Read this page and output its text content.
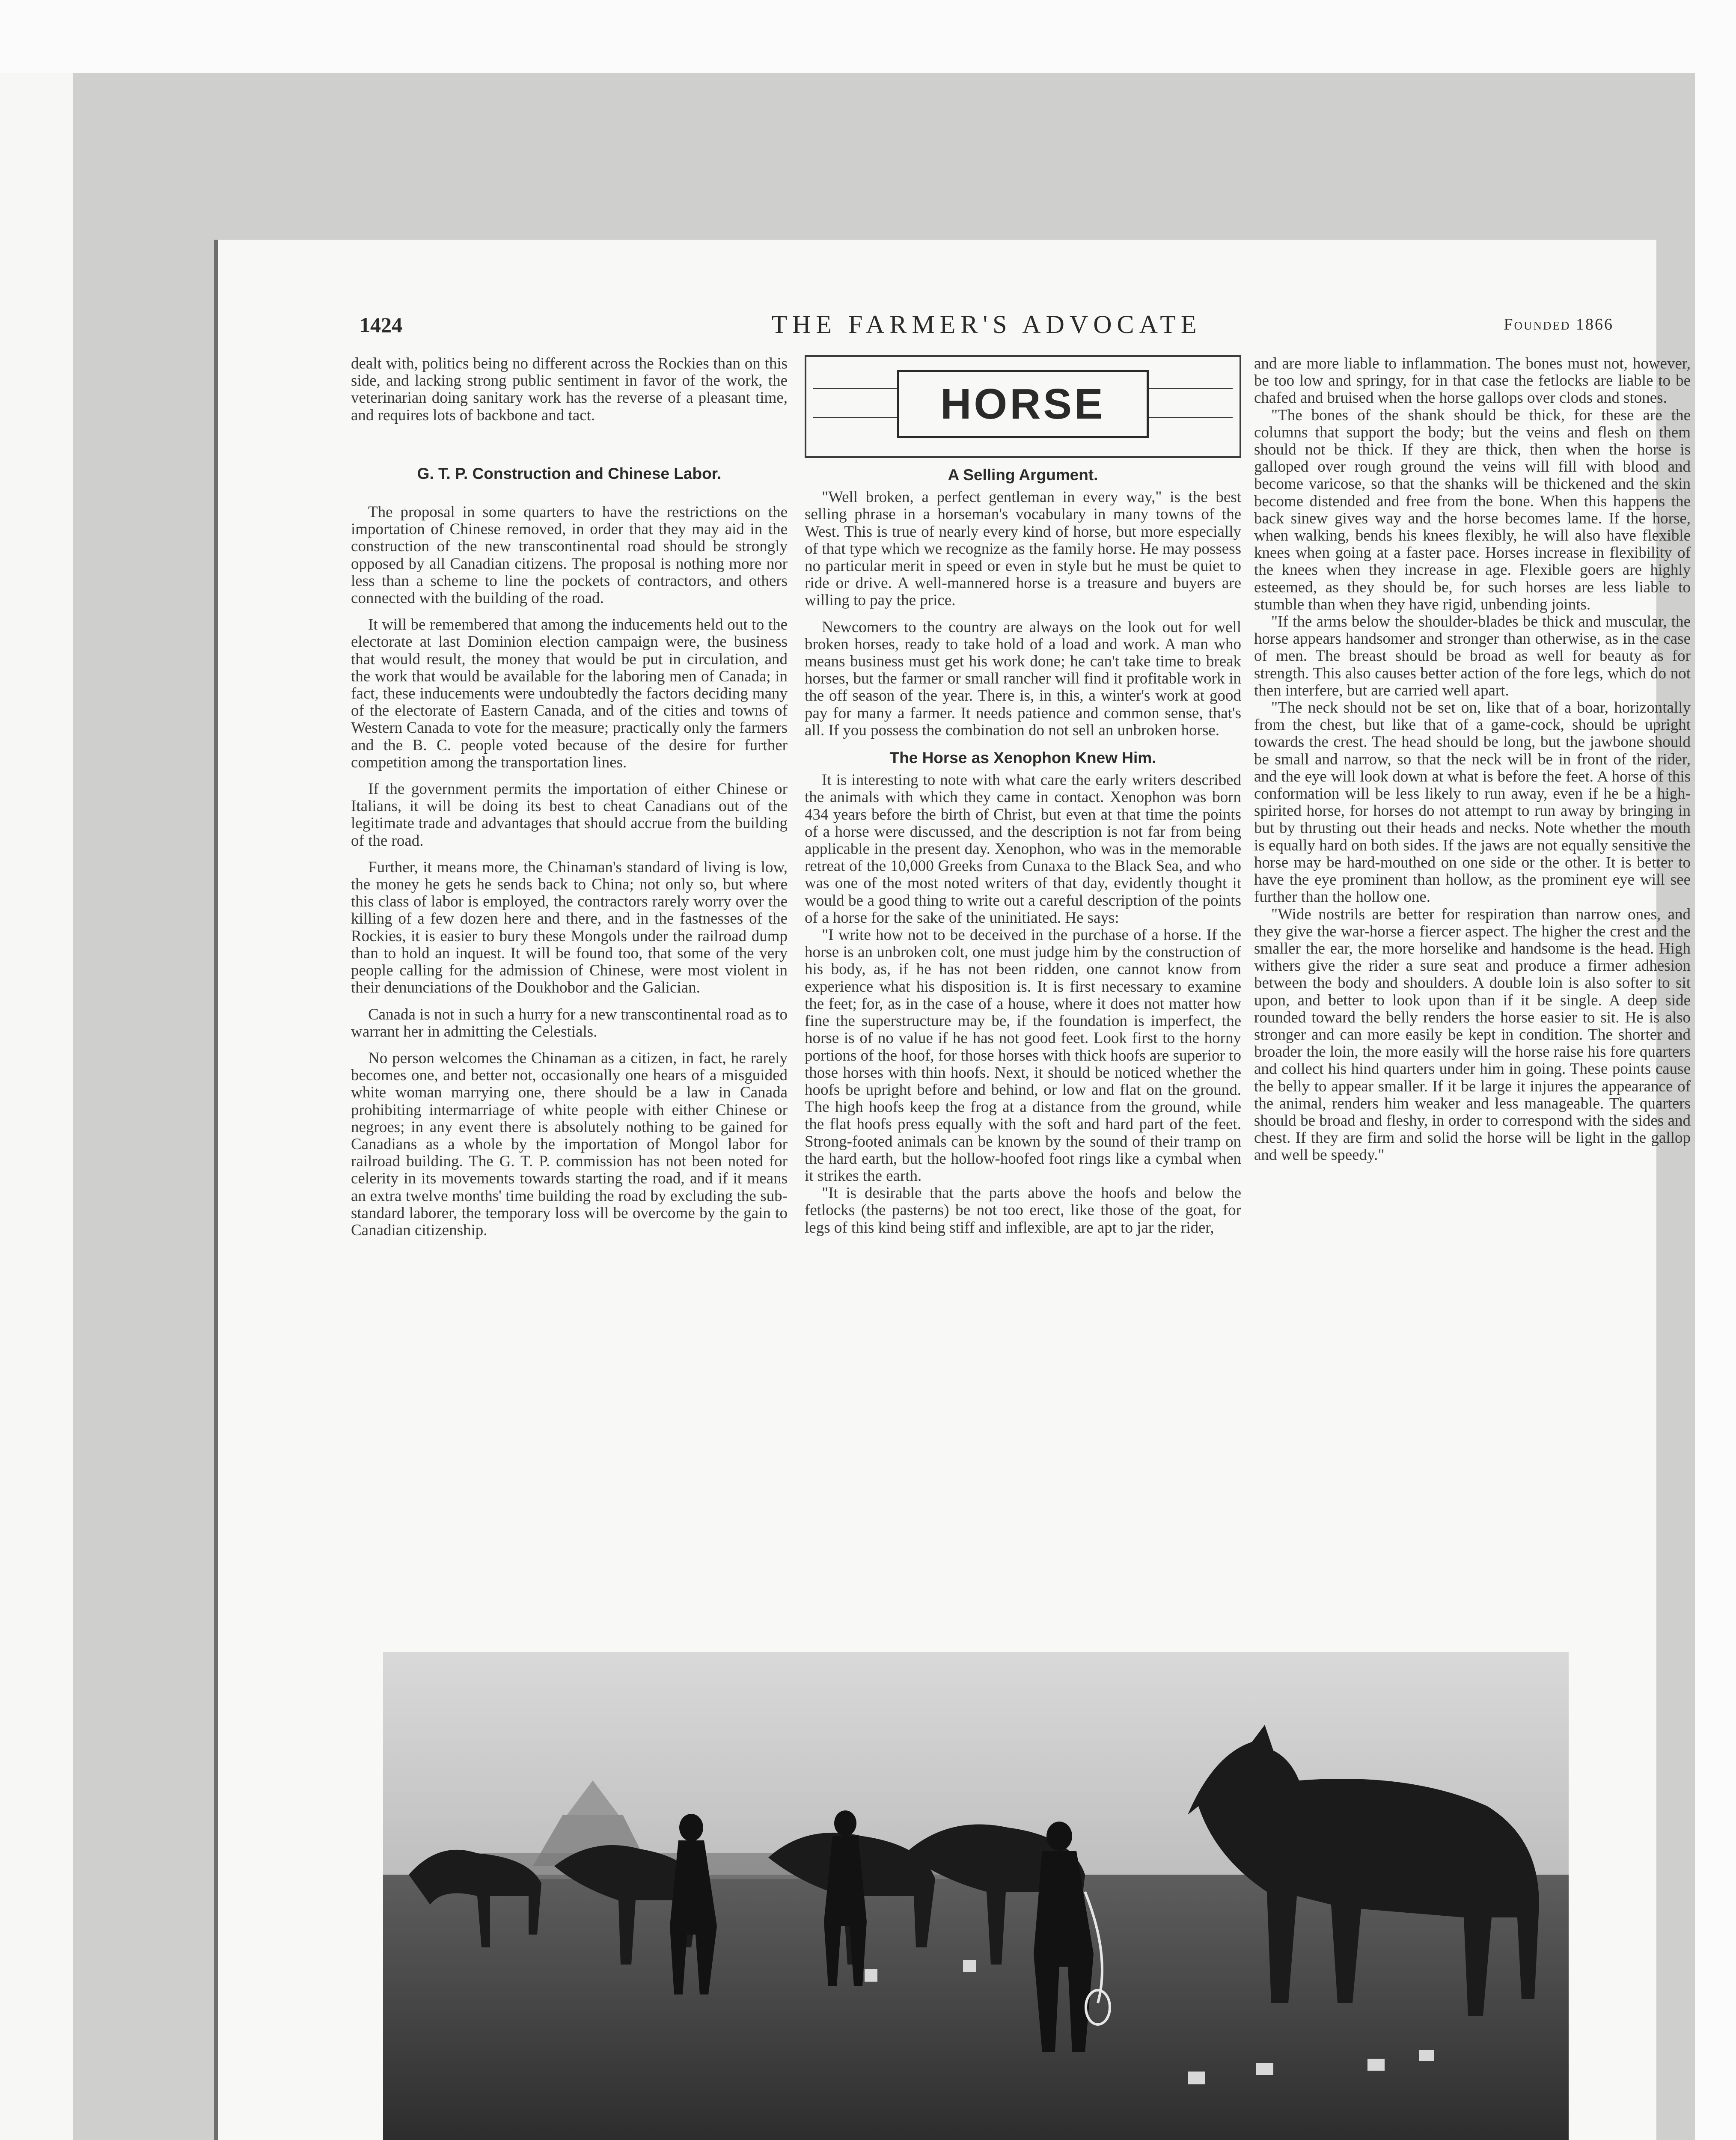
1424	THE FARMER'S ADVOCATE	Founded 1866

dealt with, politics being no different across the Rockies than on this side, and lacking strong public sentiment in favor of the work, the veterinarian doing sanitary work has the reverse of a pleasant time, and requires lots of backbone and tact.

G. T. P. Construction and Chinese Labor.

The proposal in some quarters to have the restrictions on the importation of Chinese removed, in order that they may aid in the construction of the new transcontinental road should be strongly opposed by all Canadian citizens. The proposal is nothing more nor less than a scheme to line the pockets of contractors, and others connected with the building of the road.

It will be remembered that among the inducements held out to the electorate at last Dominion election campaign were, the business that would result, the money that would be put in circulation, and the work that would be available for the laboring men of Canada; in fact, these inducements were undoubtedly the factors deciding many of the electorate of Eastern Canada, and of the cities and towns of Western Canada to vote for the measure; practically only the farmers and the B. C. people voted because of the desire for further competition among the transportation lines.

If the government permits the importation of either Chinese or Italians, it will be doing its best to cheat Canadians out of the legitimate trade and advantages that should accrue from the building of the road.

Further, it means more, the Chinaman's standard of living is low, the money he gets he sends back to China; not only so, but where this class of labor is employed, the contractors rarely worry over the killing of a few dozen here and there, and in the fastnesses of the Rockies, it is easier to bury these Mongols under the railroad dump than to hold an inquest. It will be found too, that some of the very people calling for the admission of Chinese, were most violent in their denunciations of the Doukhobor and the Galician.

Canada is not in such a hurry for a new transcontinental road as to warrant her in admitting the Celestials.

No person welcomes the Chinaman as a citizen, in fact, he rarely becomes one, and better not, occasionally one hears of a misguided white woman marrying one, there should be a law in Canada prohibiting intermarriage of white people with either Chinese or negroes; in any event there is absolutely nothing to be gained for Canadians as a whole by the importation of Mongol labor for railroad building. The G. T. P. commission has not been noted for celerity in its movements towards starting the road, and if it means an extra twelve months' time building the road by excluding the sub-standard laborer, the temporary loss will be overcome by the gain to Canadian citizenship.

HORSE
A Selling Argument.

"Well broken, a perfect gentleman in every way," is the best selling phrase in a horseman's vocabulary in many towns of the West. This is true of nearly every kind of horse, but more especially of that type which we recognize as the family horse. He may possess no particular merit in speed or even in style but he must be quiet to ride or drive. A well-mannered horse is a treasure and buyers are willing to pay the price.

Newcomers to the country are always on the look out for well broken horses, ready to take hold of a load and work. A man who means business must get his work done; he can't take time to break horses, but the farmer or small rancher will find it profitable work in the off season of the year. There is, in this, a winter's work at good pay for many a farmer. It needs patience and common sense, that's all. If you possess the combination do not sell an unbroken horse.

The Horse as Xenophon Knew Him.

It is interesting to note with what care the early writers described the animals with which they came in contact. Xenophon was born 434 years before the birth of Christ, but even at that time the points of a horse were discussed, and the description is not far from being applicable in the present day. Xenophon, who was in the memorable retreat of the 10,000 Greeks from Cunaxa to the Black Sea, and who was one of the most noted writers of that day, evidently thought it would be a good thing to write out a careful description of the points of a horse for the sake of the uninitiated. He says:

"I write how not to be deceived in the purchase of a horse. If the horse is an unbroken colt, one must judge him by the construction of his body, as, if he has not been ridden, one cannot know from experience what his disposition is. It is first necessary to examine the feet; for, as in the case of a house, where it does not matter how fine the superstructure may be, if the foundation is imperfect, the horse is of no value if he has not good feet. Look first to the horny portions of the hoof, for those horses with thick hoofs are superior to those horses with thin hoofs. Next, it should be noticed whether the hoofs be upright before and behind, or low and flat on the ground. The high hoofs keep the frog at a distance from the ground, while the flat hoofs press equally with the soft and hard part of the feet. Strong-footed animals can be known by the sound of their tramp on the hard earth, but the hollow-hoofed foot rings like a cymbal when it strikes the earth.

"It is desirable that the parts above the hoofs and below the fetlocks (the pasterns) be not too erect, like those of the goat, for legs of this kind being stiff and inflexible, are apt to jar the rider,

and are more liable to inflammation. The bones must not, however, be too low and springy, for in that case the fetlocks are liable to be chafed and bruised when the horse gallops over clods and stones.

"The bones of the shank should be thick, for these are the columns that support the body; but the veins and flesh on them should not be thick. If they are thick, then when the horse is galloped over rough ground the veins will fill with blood and become varicose, so that the shanks will be thickened and the skin become distended and free from the bone. When this happens the back sinew gives way and the horse becomes lame. If the horse, when walking, bends his knees flexibly, he will also have flexible knees when going at a faster pace. Horses increase in flexibility of the knees when they increase in age. Flexible goers are highly esteemed, as they should be, for such horses are less liable to stumble than when they have rigid, unbending joints.

"If the arms below the shoulder-blades be thick and muscular, the horse appears handsomer and stronger than otherwise, as in the case of men. The breast should be broad as well for beauty as for strength. This also causes better action of the fore legs, which do not then interfere, but are carried well apart.

"The neck should not be set on, like that of a boar, horizontally from the chest, but like that of a game-cock, should be upright towards the crest. The head should be long, but the jawbone should be small and narrow, so that the neck will be in front of the rider, and the eye will look down at what is before the feet. A horse of this conformation will be less likely to run away, even if he be a high-spirited horse, for horses do not attempt to run away by bringing in but by thrusting out their heads and necks. Note whether the mouth is equally hard on both sides. If the jaws are not equally sensitive the horse may be hard-mouthed on one side or the other. It is better to have the eye prominent than hollow, as the prominent eye will see further than the hollow one.

"Wide nostrils are better for respiration than narrow ones, and they give the war-horse a fiercer aspect. The higher the crest and the smaller the ear, the more horselike and handsome is the head. High withers give the rider a sure seat and produce a firmer adhesion between the body and shoulders. A double loin is also softer to sit upon, and better to look upon than if it be single. A deep side rounded toward the belly renders the horse easier to sit. He is also stronger and can more easily be kept in condition. The shorter and broader the loin, the more easily will the horse raise his fore quarters and collect his hind quarters under him in going. These points cause the belly to appear smaller. If it be large it injures the appearance of the animal, renders him weaker and less manageable. The quarters should be broad and fleshy, in order to correspond with the sides and chest. If they are firm and solid the horse will be light in the gallop and well be speedy."
